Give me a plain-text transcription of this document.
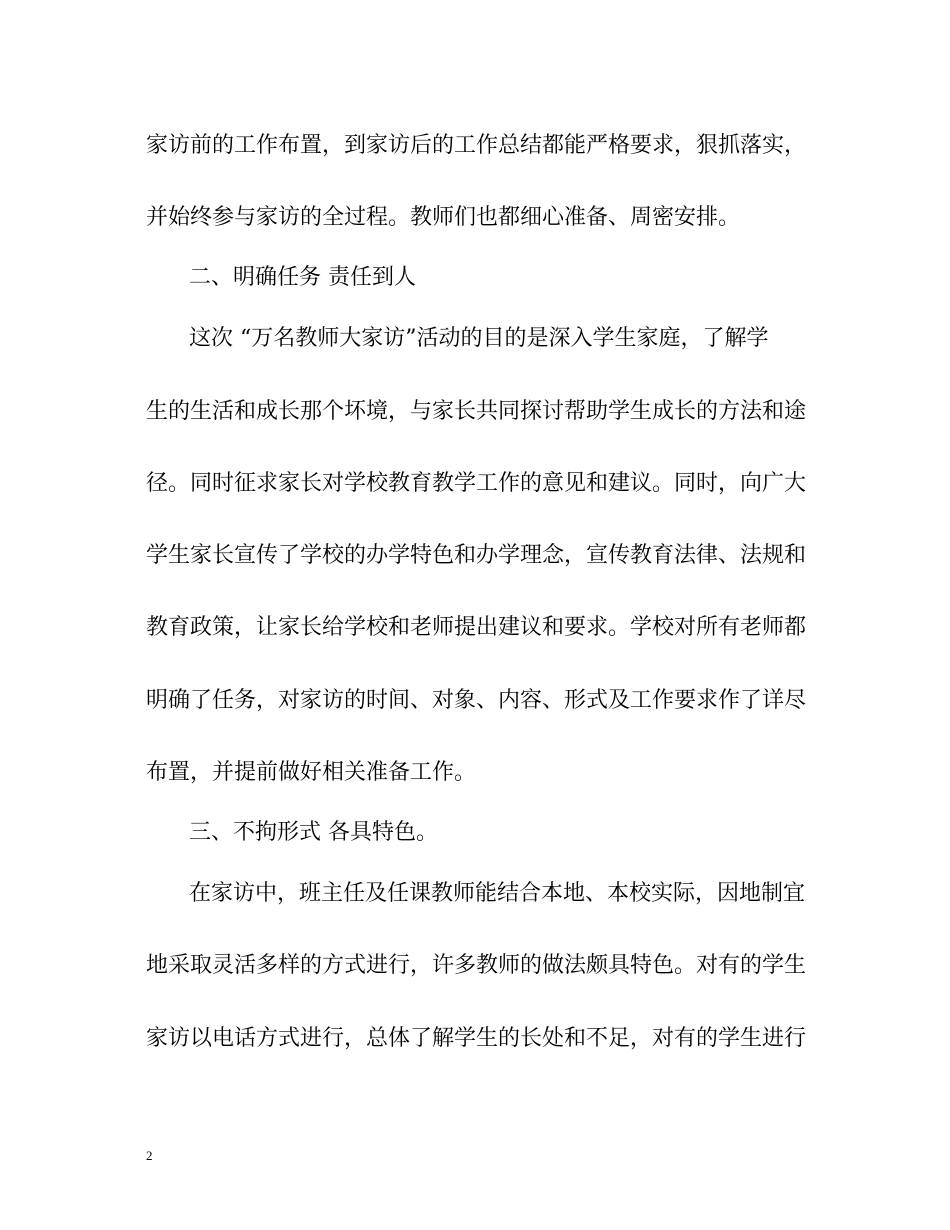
家访前的工作布置，到家访后的工作总结都能严格要求，狠抓落实，
并始终参与家访的全过程。教师们也都细心准备、周密安排。
二、明确任务 责任到人
这次 “万名教师大家访”活动的目的是深入学生家庭，了解学
生的生活和成长那个坏境，与家长共同探讨帮助学生成长的方法和途
径。同时征求家长对学校教育教学工作的意见和建议。同时，向广大
学生家长宣传了学校的办学特色和办学理念，宣传教育法律、法规和
教育政策，让家长给学校和老师提出建议和要求。学校对所有老师都
明确了任务，对家访的时间、对象、内容、形式及工作要求作了详尽
布置，并提前做好相关准备工作。
三、不拘形式 各具特色。
在家访中，班主任及任课教师能结合本地、本校实际，因地制宜
地采取灵活多样的方式进行，许多教师的做法颇具特色。对有的学生
家访以电话方式进行，总体了解学生的长处和不足，对有的学生进行
2
